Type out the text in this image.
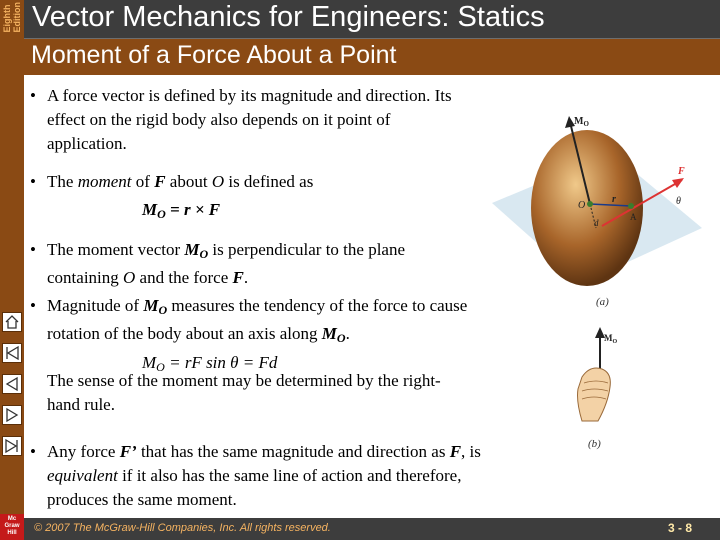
Eighth
Edition
Mc Graw Hill
Vector Mechanics for Engineers: Statics
Moment of a Force About a Point
• A force vector is defined by its magnitude and direction. Its effect on the rigid body also depends on it point of application.
• The moment of F about O is defined as
MO = r × F
• The moment vector MO is perpendicular to the plane containing O and the force F.
• Magnitude of MO measures the tendency of the force to cause rotation of the body about an axis along MO.
MO = rF sin θ = Fd
The sense of the moment may be determined by the right-hand rule.
• Any force F’ that has the same magnitude and direction as F, is equivalent if it also has the same line of action and therefore, produces the same moment.
$M_O$
O
r
F
A
d
θ
(a)
$M_O$
(b)
© 2007 The McGraw-Hill Companies, Inc. All rights reserved.	3 - 8
